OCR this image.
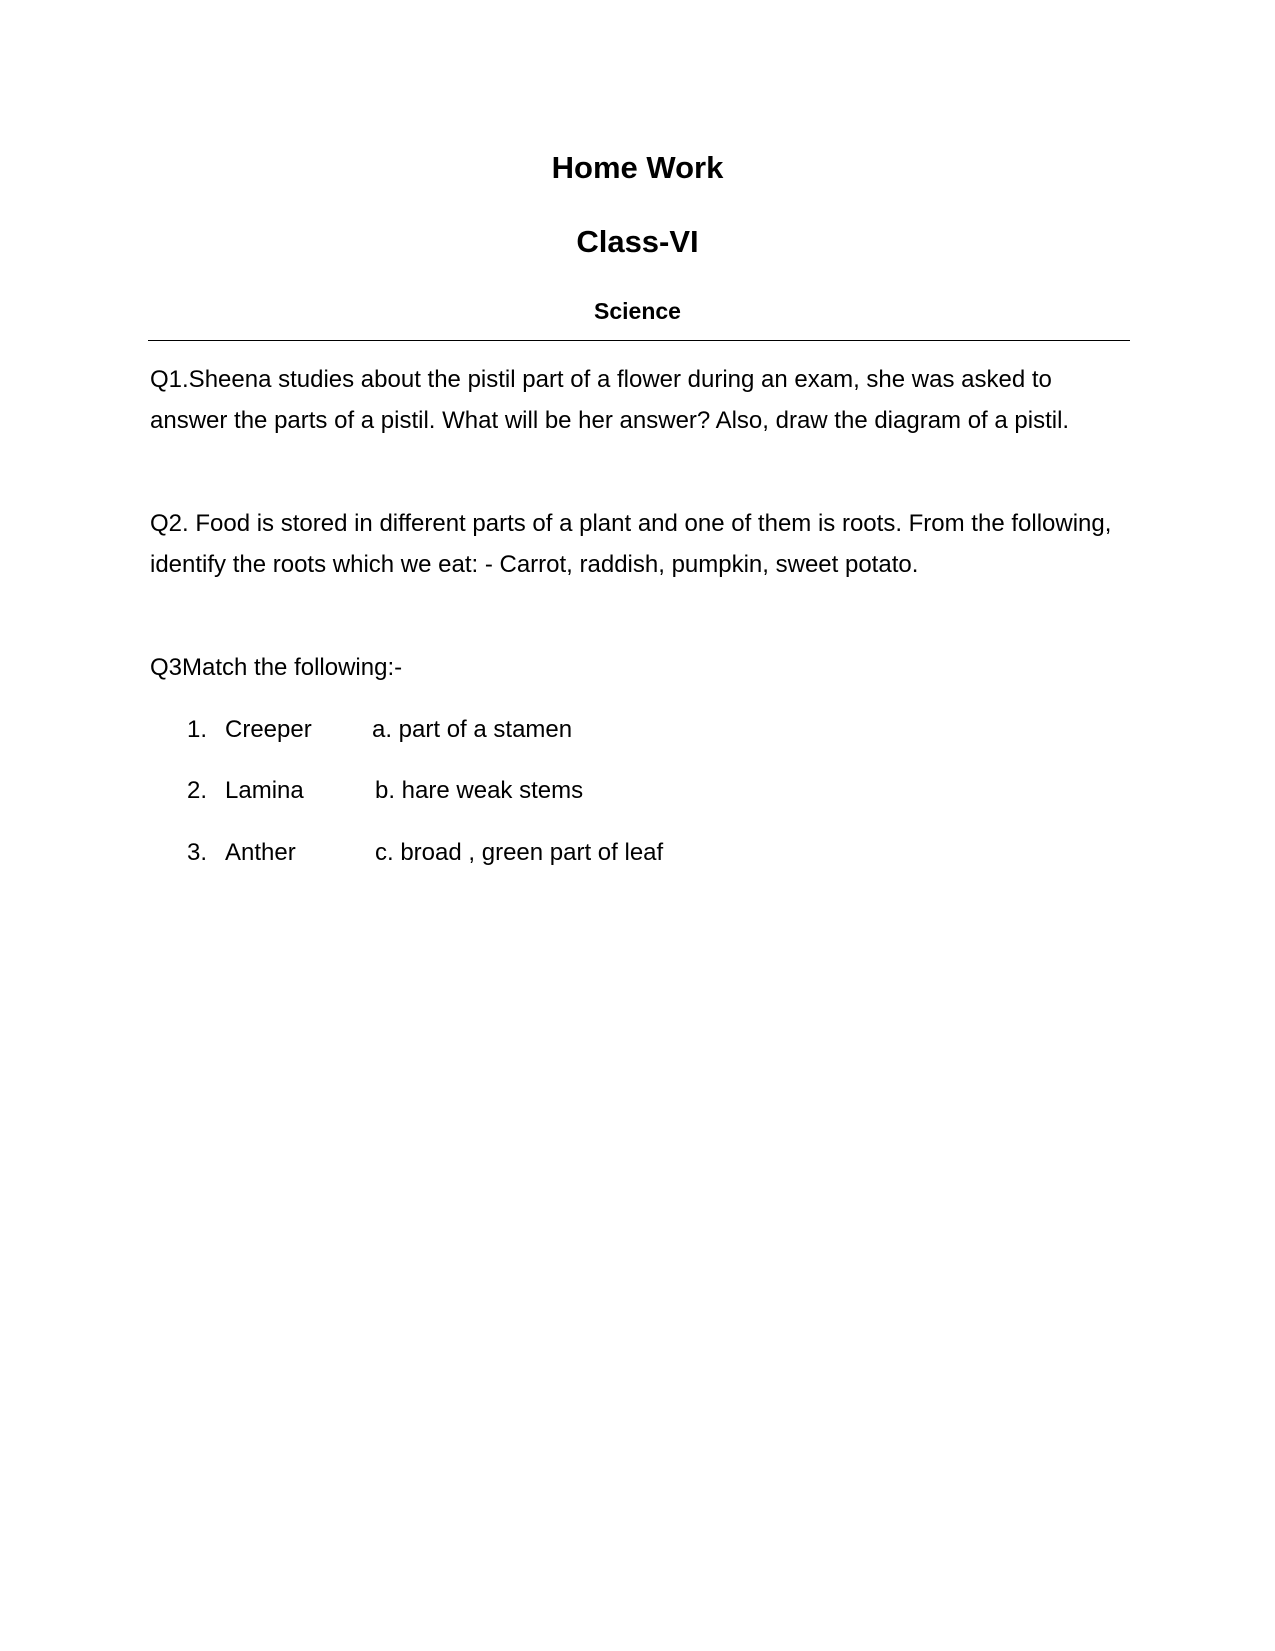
Home Work
Class-VI
Science

Q1.Sheena studies about the pistil part of a flower during an exam, she was asked to answer the parts of a pistil. What will be her answer? Also, draw the diagram of a pistil.

Q2. Food is stored in different parts of a plant and one of them is roots. From the following, identify the roots which we eat: - Carrot, raddish, pumpkin, sweet potato.

Q3Match the following:-

1. Creeper	a. part of a stamen
2. Lamina	b. hare weak stems
3. Anther	c. broad , green part of leaf
